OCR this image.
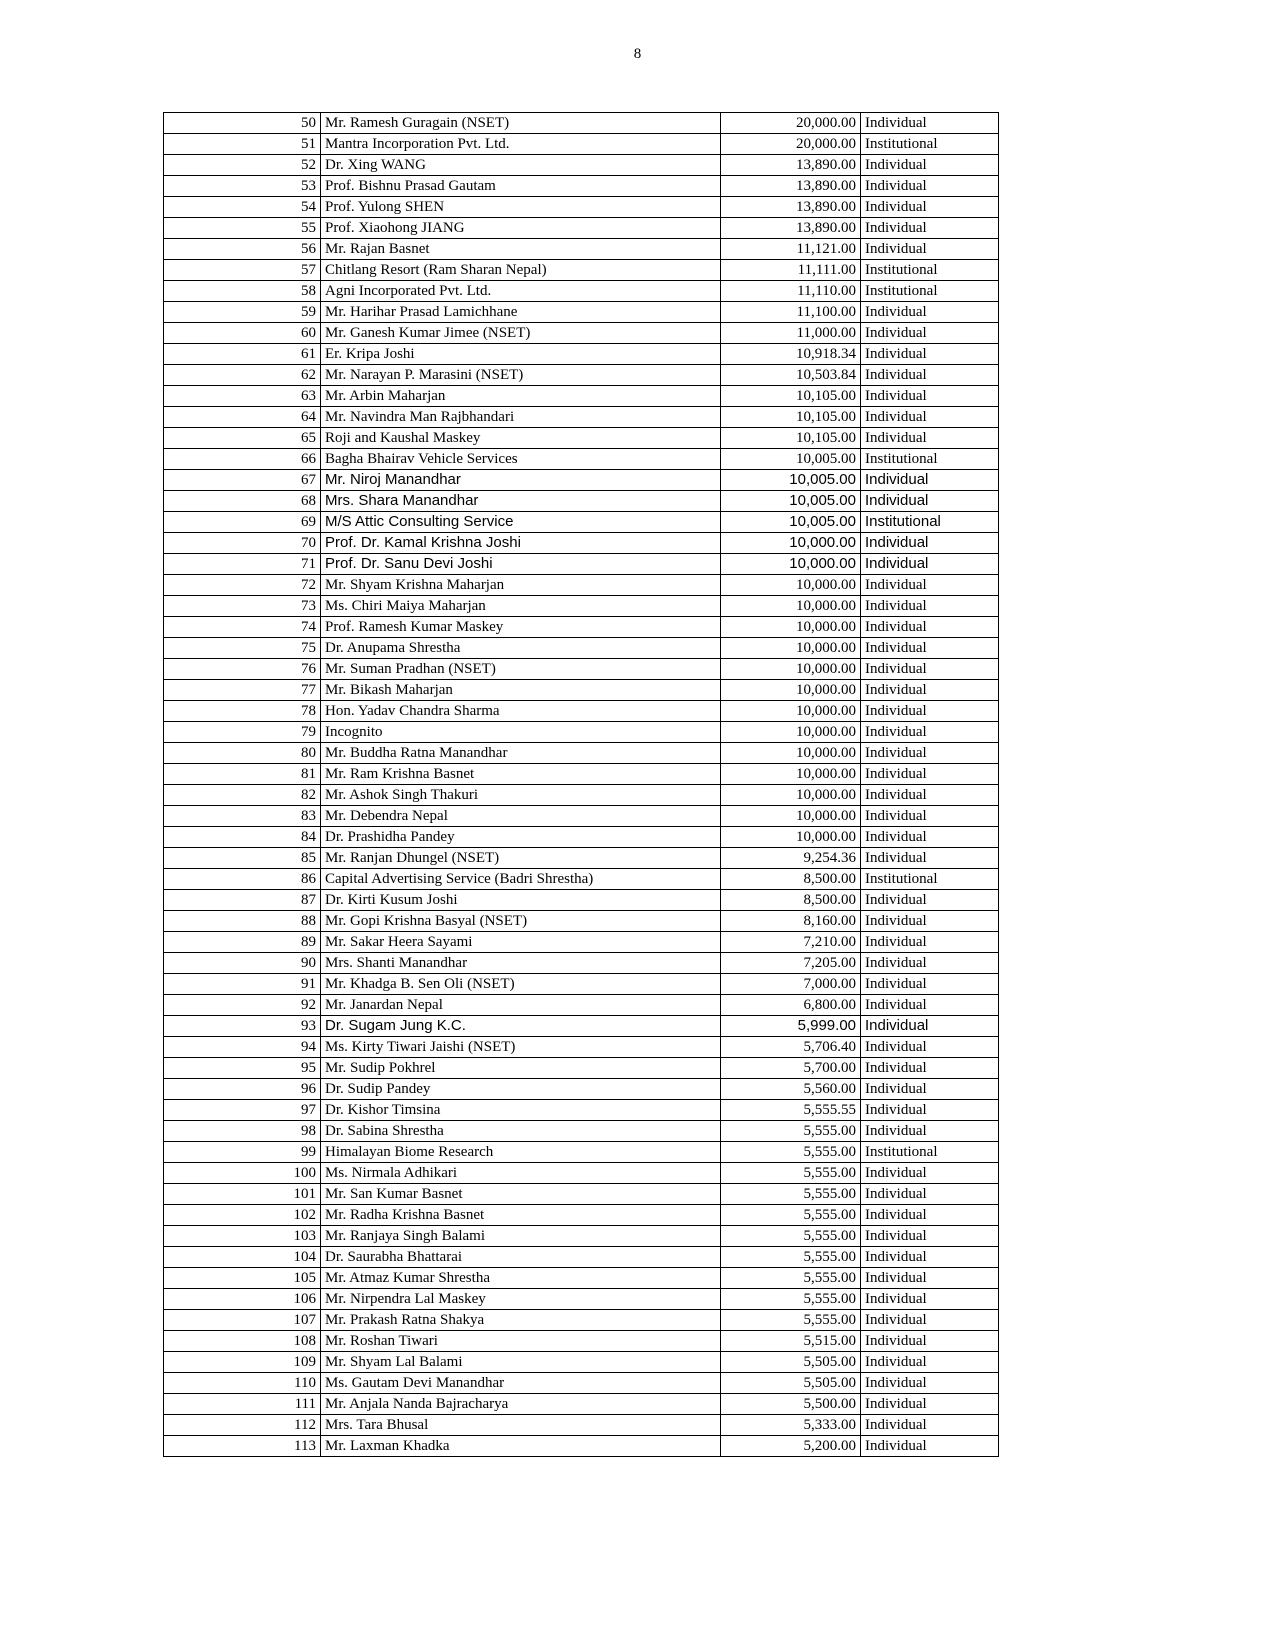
8
50	Mr. Ramesh Guragain (NSET)	20,000.00	Individual
51	Mantra Incorporation Pvt. Ltd.	20,000.00	Institutional
52	Dr. Xing WANG	13,890.00	Individual
53	Prof. Bishnu Prasad Gautam	13,890.00	Individual
54	Prof. Yulong SHEN	13,890.00	Individual
55	Prof. Xiaohong JIANG	13,890.00	Individual
56	Mr. Rajan Basnet	11,121.00	Individual
57	Chitlang Resort (Ram Sharan Nepal)	11,111.00	Institutional
58	Agni Incorporated Pvt. Ltd.	11,110.00	Institutional
59	Mr. Harihar Prasad Lamichhane	11,100.00	Individual
60	Mr. Ganesh Kumar Jimee (NSET)	11,000.00	Individual
61	Er. Kripa Joshi	10,918.34	Individual
62	Mr. Narayan P. Marasini (NSET)	10,503.84	Individual
63	Mr. Arbin Maharjan	10,105.00	Individual
64	Mr. Navindra Man Rajbhandari	10,105.00	Individual
65	Roji and Kaushal Maskey	10,105.00	Individual
66	Bagha Bhairav Vehicle Services	10,005.00	Institutional
67	Mr. Niroj Manandhar	10,005.00	Individual
68	Mrs. Shara Manandhar	10,005.00	Individual
69	M/S Attic Consulting Service	10,005.00	Institutional
70	Prof. Dr. Kamal Krishna Joshi	10,000.00	Individual
71	Prof. Dr. Sanu Devi Joshi	10,000.00	Individual
72	Mr. Shyam Krishna Maharjan	10,000.00	Individual
73	Ms. Chiri Maiya Maharjan	10,000.00	Individual
74	Prof. Ramesh Kumar Maskey	10,000.00	Individual
75	Dr. Anupama Shrestha	10,000.00	Individual
76	Mr. Suman Pradhan (NSET)	10,000.00	Individual
77	Mr. Bikash Maharjan	10,000.00	Individual
78	Hon. Yadav Chandra Sharma	10,000.00	Individual
79	Incognito	10,000.00	Individual
80	Mr. Buddha Ratna Manandhar	10,000.00	Individual
81	Mr. Ram Krishna Basnet	10,000.00	Individual
82	Mr. Ashok Singh Thakuri	10,000.00	Individual
83	Mr. Debendra Nepal	10,000.00	Individual
84	Dr. Prashidha Pandey	10,000.00	Individual
85	Mr. Ranjan Dhungel (NSET)	9,254.36	Individual
86	Capital Advertising Service (Badri Shrestha)	8,500.00	Institutional
87	Dr. Kirti Kusum Joshi	8,500.00	Individual
88	Mr. Gopi Krishna Basyal (NSET)	8,160.00	Individual
89	Mr. Sakar Heera Sayami	7,210.00	Individual
90	Mrs. Shanti Manandhar	7,205.00	Individual
91	Mr. Khadga B. Sen Oli (NSET)	7,000.00	Individual
92	Mr. Janardan Nepal	6,800.00	Individual
93	Dr. Sugam Jung K.C.	5,999.00	Individual
94	Ms. Kirty Tiwari Jaishi (NSET)	5,706.40	Individual
95	Mr. Sudip Pokhrel	5,700.00	Individual
96	Dr. Sudip Pandey	5,560.00	Individual
97	Dr. Kishor Timsina	5,555.55	Individual
98	Dr. Sabina Shrestha	5,555.00	Individual
99	Himalayan Biome Research	5,555.00	Institutional
100	Ms. Nirmala Adhikari	5,555.00	Individual
101	Mr. San Kumar Basnet	5,555.00	Individual
102	Mr. Radha Krishna Basnet	5,555.00	Individual
103	Mr. Ranjaya Singh Balami	5,555.00	Individual
104	Dr. Saurabha Bhattarai	5,555.00	Individual
105	Mr. Atmaz Kumar Shrestha	5,555.00	Individual
106	Mr. Nirpendra Lal Maskey	5,555.00	Individual
107	Mr. Prakash Ratna Shakya	5,555.00	Individual
108	Mr. Roshan Tiwari	5,515.00	Individual
109	Mr. Shyam Lal Balami	5,505.00	Individual
110	Ms. Gautam Devi Manandhar	5,505.00	Individual
111	Mr. Anjala Nanda Bajracharya	5,500.00	Individual
112	Mrs. Tara Bhusal	5,333.00	Individual
113	Mr. Laxman Khadka	5,200.00	Individual
